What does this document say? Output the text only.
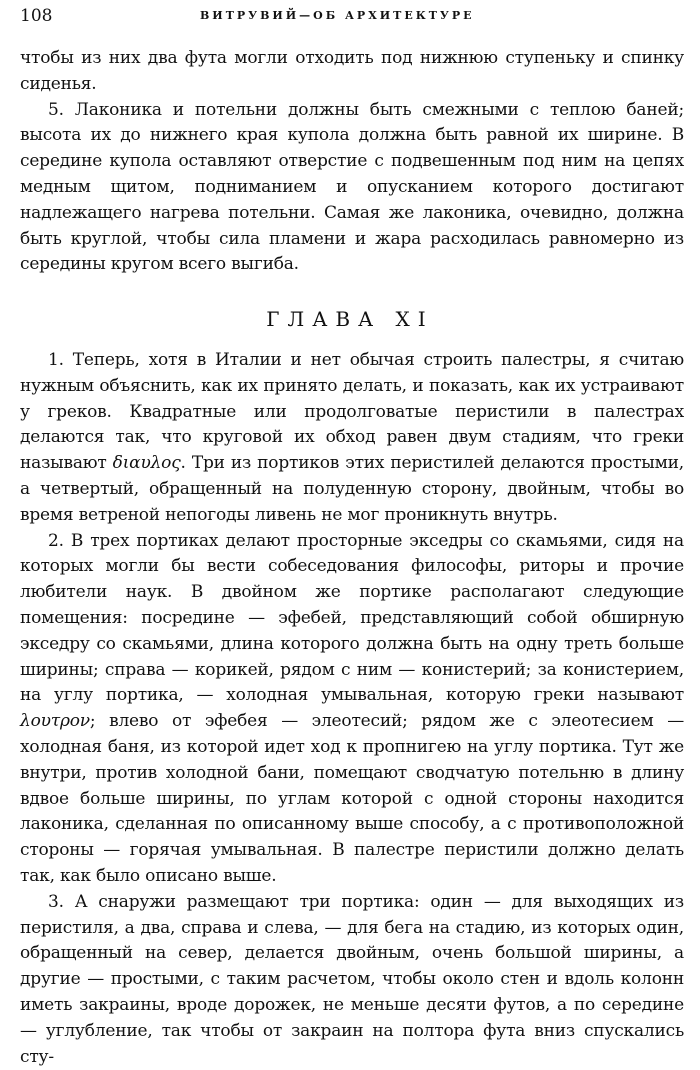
108	ВИТРУВИЙ—ОБ АРХИТЕКТУРЕ

чтобы из них два фута могли отходить под нижнюю ступеньку и спинку сиденья.

5. Лаконика и потельни должны быть смежными с теплою баней; высота их до нижнего края купола должна быть равной их ширине. В середине купола оставляют отверстие с подвешенным под ним на цепях медным щитом, подниманием и опусканием которого достигают надлежащего нагрева потельни. Самая же лаконика, очевидно, должна быть круглой, чтобы сила пламени и жара расходилась равномерно из середины кругом всего выгиба.

ГЛАВА XI

1. Теперь, хотя в Италии и нет обычая строить палестры, я считаю нужным объяснить, как их принято делать, и показать, как их устраивают у греков. Квадратные или продолговатые перистили в палестрах делаются так, что круговой их обход равен двум стадиям, что греки называют διαυλος. Три из портиков этих перистилей делаются простыми, а четвертый, обращенный на полуденную сторону, двойным, чтобы во время ветреной непогоды ливень не мог проникнуть внутрь.

2. В трех портиках делают просторные экседры со скамьями, сидя на которых могли бы вести собеседования философы, риторы и прочие любители наук. В двойном же портике располагают следующие помещения: посредине — эфебей, представляющий собой обширную экседру со скамьями, длина которого должна быть на одну треть больше ширины; справа — корикей, рядом с ним — конистерий; за конистерием, на углу портика, — холодная умывальная, которую греки называют λουτρον; влево от эфебея — элеотесий; рядом же с элеотесием — холодная баня, из которой идет ход к пропнигею на углу портика. Тут же внутри, против холодной бани, помещают сводчатую потельню в длину вдвое больше ширины, по углам которой с одной стороны находится лаконика, сделанная по описанному выше способу, а с противоположной стороны — горячая умывальная. В палестре перистили должно делать так, как было описано выше.

3. А снаружи размещают три портика: один — для выходящих из перистиля, а два, справа и слева, — для бега на стадию, из которых один, обращенный на север, делается двойным, очень большой ширины, а другие — простыми, с таким расчетом, чтобы около стен и вдоль колонн иметь закраины, вроде дорожек, не меньше десяти футов, а по середине — углубление, так чтобы от закраин на полтора фута вниз спускались сту-
